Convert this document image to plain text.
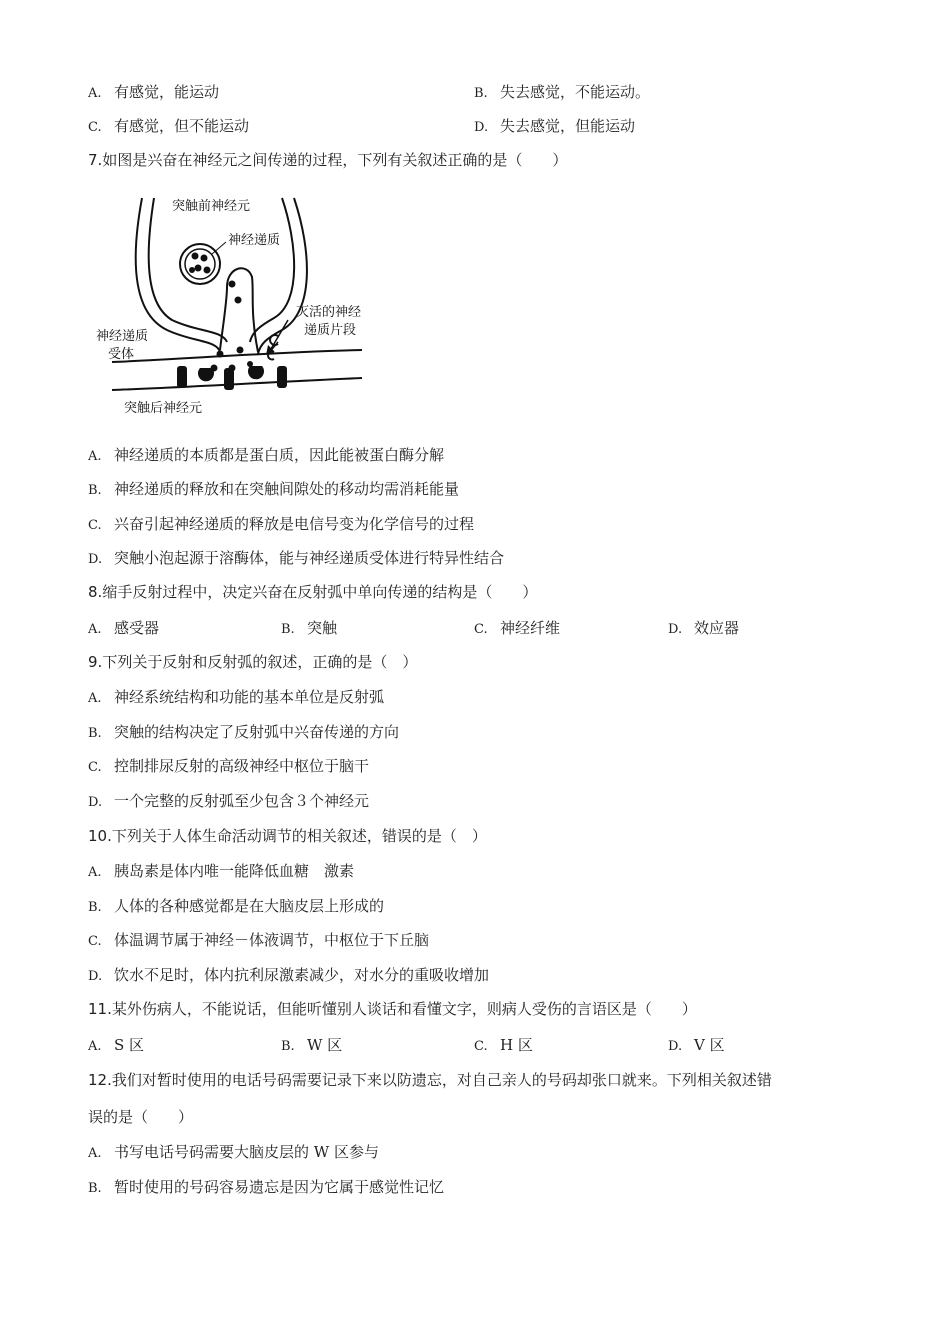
A. 有感觉，能运动	B. 失去感觉，不能运动。
C. 有感觉，但不能运动	D. 失去感觉，但能运动
7.如图是兴奋在神经元之间传递的过程，下列有关叙述正确的是（　　）
突触前神经元
神经递质
灭活的神经
递质片段
神经递质
受体
突触后神经元
A. 神经递质的本质都是蛋白质，因此能被蛋白酶分解
B. 神经递质的释放和在突触间隙处的移动均需消耗能量
C. 兴奋引起神经递质的释放是电信号变为化学信号的过程
D. 突触小泡起源于溶酶体，能与神经递质受体进行特异性结合
8.缩手反射过程中，决定兴奋在反射弧中单向传递的结构是（　　）
A. 感受器	B. 突触	C. 神经纤维	D. 效应器
9.下列关于反射和反射弧的叙述，正确的是（　）
A. 神经系统结构和功能的基本单位是反射弧
B. 突触的结构决定了反射弧中兴奋传递的方向
C. 控制排尿反射的高级神经中枢位于脑干
D. 一个完整的反射弧至少包含３个神经元
10.下列关于人体生命活动调节的相关叙述，错误的是（　）
A. 胰岛素是体内唯一能降低血糖　激素
B. 人体的各种感觉都是在大脑皮层上形成的
C. 体温调节属于神经－体液调节，中枢位于下丘脑
D. 饮水不足时，体内抗利尿激素减少，对水分的重吸收增加
11.某外伤病人，不能说话，但能听懂别人谈话和看懂文字，则病人受伤的言语区是（　　）
A. S 区	B. W 区	C. H 区	D. V 区
12.我们对暂时使用的电话号码需要记录下来以防遗忘，对自己亲人的号码却张口就来。下列相关叙述错
误的是（　　）
A. 书写电话号码需要大脑皮层的 W 区参与
B. 暂时使用的号码容易遗忘是因为它属于感觉性记忆
